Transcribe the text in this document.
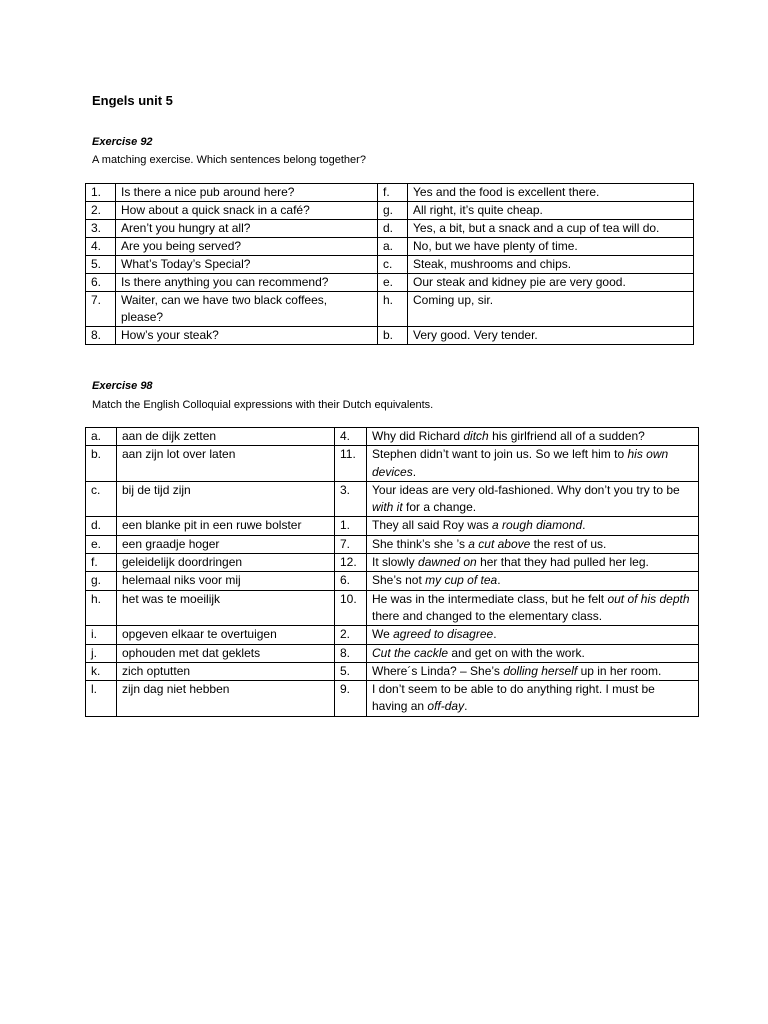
Engels unit 5
Exercise 92
A matching exercise. Which sentences belong together?
1.	Is there a nice pub around here?	f.	Yes and the food is excellent there.
2.	How about a quick snack in a café?	g.	All right, it’s quite cheap.
3.	Aren’t you hungry at all?	d.	Yes, a bit, but a snack and a cup of tea will do.
4.	Are you being served?	a.	No, but we have plenty of time.
5.	What’s Today’s Special?	c.	Steak, mushrooms and chips.
6.	Is there anything you can recommend?	e.	Our steak and kidney pie are very good.
7.	Waiter, can we have two black coffees, please?	h.	Coming up, sir.
8.	How’s your steak?	b.	Very good. Very tender.
Exercise 98
Match the English Colloquial expressions with their Dutch equivalents.
a.	aan de dijk zetten	4.	Why did Richard ditch his girlfriend all of a sudden?
b.	aan zijn lot over laten	11.	Stephen didn’t want to join us. So we left him to his own devices.
c.	bij de tijd zijn	3.	Your ideas are very old-fashioned. Why don’t you try to be with it for a change.
d.	een blanke pit in een ruwe bolster	1.	They all said Roy was a rough diamond.
e.	een graadje hoger	7.	She think’s she ’s a cut above the rest of us.
f.	geleidelijk doordringen	12.	It slowly dawned on her that they had pulled her leg.
g.	helemaal niks voor mij	6.	She’s not my cup of tea.
h.	het was te moeilijk	10.	He was in the intermediate class, but he felt out of his depth there and changed to the elementary class.
i.	opgeven elkaar te overtuigen	2.	We agreed to disagree.
j.	ophouden met dat geklets	8.	Cut the cackle and get on with the work.
k.	zich optutten	5.	Where´s Linda? – She’s dolling herself up in her room.
l.	zijn dag niet hebben	9.	I don’t seem to be able to do anything right. I must be having an off-day.
